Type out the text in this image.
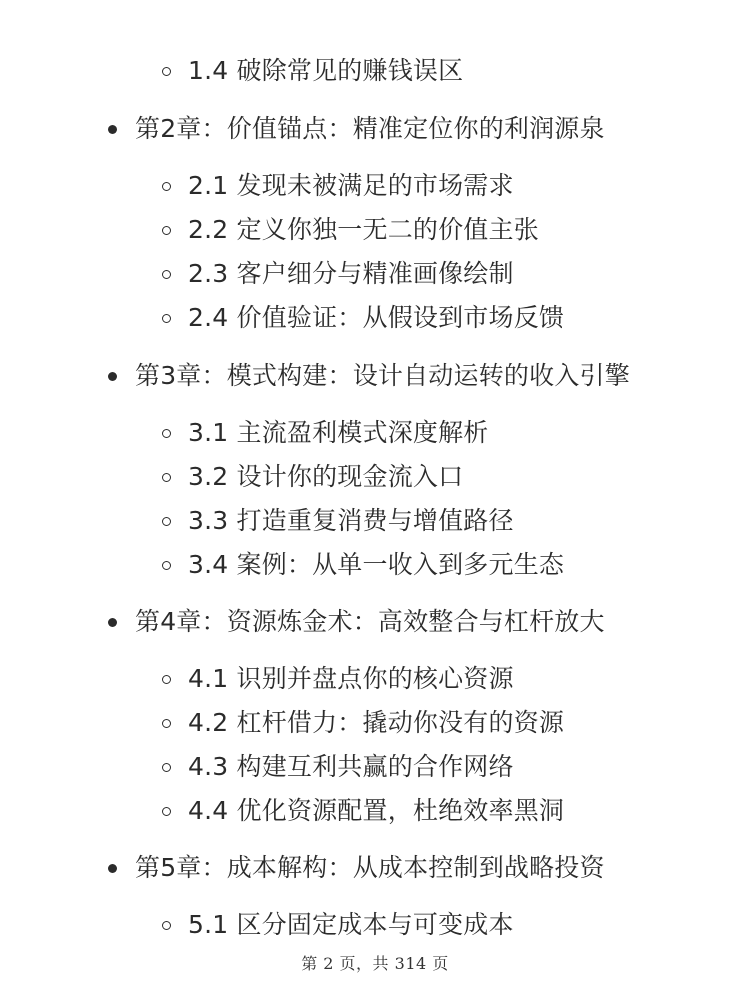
1.4 破除常见的赚钱误区
第2章：价值锚点：精准定位你的利润源泉
2.1 发现未被满足的市场需求
2.2 定义你独一无二的价值主张
2.3 客户细分与精准画像绘制
2.4 价值验证：从假设到市场反馈
第3章：模式构建：设计自动运转的收入引擎
3.1 主流盈利模式深度解析
3.2 设计你的现金流入口
3.3 打造重复消费与增值路径
3.4 案例：从单一收入到多元生态
第4章：资源炼金术：高效整合与杠杆放大
4.1 识别并盘点你的核心资源
4.2 杠杆借力：撬动你没有的资源
4.3 构建互利共赢的合作网络
4.4 优化资源配置，杜绝效率黑洞
第5章：成本解构：从成本控制到战略投资
5.1 区分固定成本与可变成本
第 2 页，共 314 页
